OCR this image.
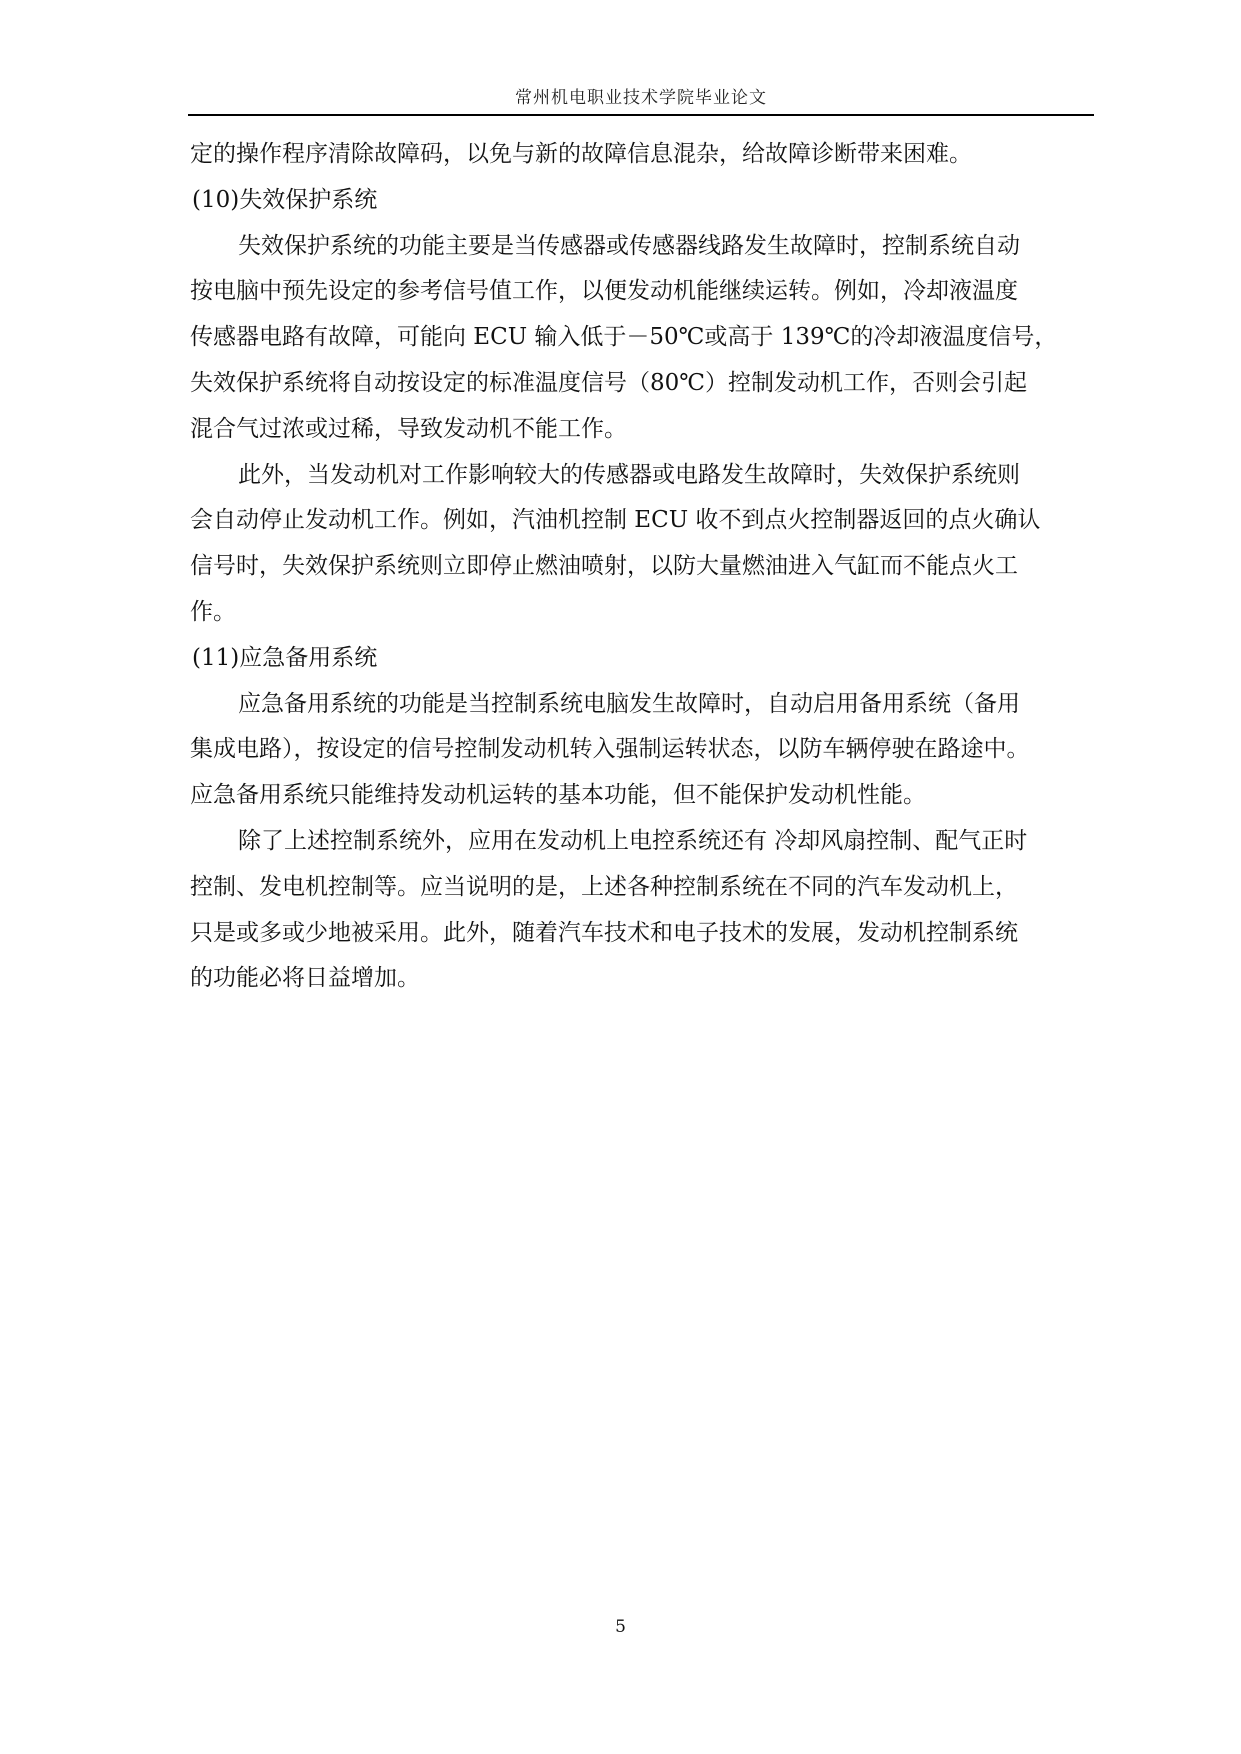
常州机电职业技术学院毕业论文
定的操作程序清除故障码，以免与新的故障信息混杂，给故障诊断带来困难。
(10)失效保护系统
失效保护系统的功能主要是当传感器或传感器线路发生故障时，控制系统自动
按电脑中预先设定的参考信号值工作，以便发动机能继续运转。例如，冷却液温度
传感器电路有故障，可能向 ECU 输入低于－50℃或高于 139℃的冷却液温度信号，
失效保护系统将自动按设定的标准温度信号（80℃）控制发动机工作，否则会引起
混合气过浓或过稀，导致发动机不能工作。
此外，当发动机对工作影响较大的传感器或电路发生故障时，失效保护系统则
会自动停止发动机工作。例如，汽油机控制 ECU 收不到点火控制器返回的点火确认
信号时，失效保护系统则立即停止燃油喷射，以防大量燃油进入气缸而不能点火工
作。
(11)应急备用系统
应急备用系统的功能是当控制系统电脑发生故障时，自动启用备用系统（备用
集成电路），按设定的信号控制发动机转入强制运转状态，以防车辆停驶在路途中。
应急备用系统只能维持发动机运转的基本功能，但不能保护发动机性能。
除了上述控制系统外，应用在发动机上电控系统还有 冷却风扇控制、配气正时
控制、发电机控制等。应当说明的是，上述各种控制系统在不同的汽车发动机上，
只是或多或少地被采用。此外，随着汽车技术和电子技术的发展，发动机控制系统
的功能必将日益增加。
5
